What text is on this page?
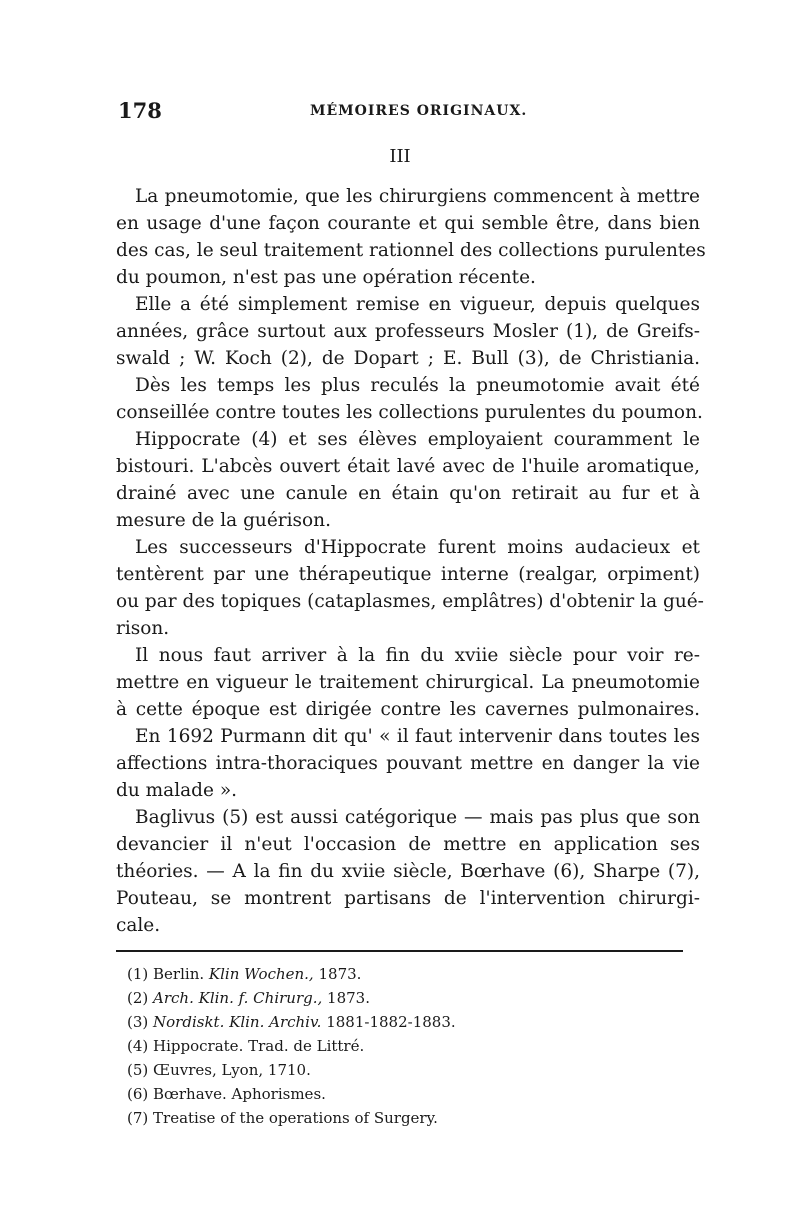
178	MÉMOIRES ORIGINAUX.
III
La pneumotomie, que les chirurgiens commencent à mettre
en usage d'une façon courante et qui semble être, dans bien
des cas, le seul traitement rationnel des collections purulentes
du poumon, n'est pas une opération récente.
Elle a été simplement remise en vigueur, depuis quelques
années, grâce surtout aux professeurs Mosler (1), de Greifs-
swald ; W. Koch (2), de Dopart ; E. Bull (3), de Christiania.
Dès les temps les plus reculés la pneumotomie avait été
conseillée contre toutes les collections purulentes du poumon.
Hippocrate (4) et ses élèves employaient couramment le
bistouri. L'abcès ouvert était lavé avec de l'huile aromatique,
drainé avec une canule en étain qu'on retirait au fur et à
mesure de la guérison.
Les successeurs d'Hippocrate furent moins audacieux et
tentèrent par une thérapeutique interne (realgar, orpiment)
ou par des topiques (cataplasmes, emplâtres) d'obtenir la gué-
rison.
Il nous faut arriver à la fin du xviie siècle pour voir re-
mettre en vigueur le traitement chirurgical. La pneumotomie
à cette époque est dirigée contre les cavernes pulmonaires.
En 1692 Purmann dit qu' « il faut intervenir dans toutes les
affections intra-thoraciques pouvant mettre en danger la vie
du malade ».
Baglivus (5) est aussi catégorique — mais pas plus que son
devancier il n'eut l'occasion de mettre en application ses
théories. — A la fin du xviie siècle, Bœrhave (6), Sharpe (7),
Pouteau, se montrent partisans de l'intervention chirurgi-
cale.
(1) Berlin. Klin Wochen., 1873.
(2) Arch. Klin. f. Chirurg., 1873.
(3) Nordiskt. Klin. Archiv. 1881-1882-1883.
(4) Hippocrate. Trad. de Littré.
(5) Œuvres, Lyon, 1710.
(6) Bœrhave. Aphorismes.
(7) Treatise of the operations of Surgery.
